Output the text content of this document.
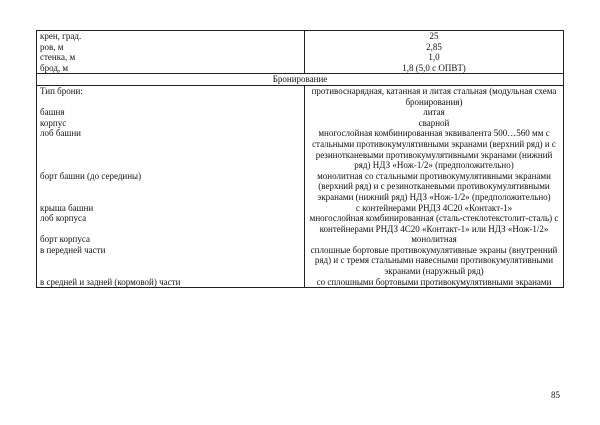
крен, град.	25
ров, м	2,85
стенка, м	1,0
брод, м	1,8 (5,0 с ОПВТ)
Бронирование	
Тип брони:	противоснарядная, катанная и литая стальная (модульная схема бронирования)
башня	литая
корпус	сварной
лоб башни	многослойная комбинированная эквивалента 500…560 мм с стальными противокумулятивными экранами (верхний ряд) и с резинотканевыми противокумулятивными экранами (нижний ряд) НДЗ «Нож-1/2» (предположительно)
борт башни (до середины)	монолитная со стальными противокумулятивными экранами (верхний ряд) и с резинотканевыми противокумулятивными экранами (нижний ряд) НДЗ «Нож-1/2» (предположительно)
крыша башни	с контейнерами РНДЗ 4С20 «Контакт-1»
лоб корпуса	многослойная комбинированная (сталь-стеклотекстолит-сталь) с контейнерами РНДЗ 4С20 «Контакт-1» или НДЗ «Нож-1/2»
борт корпуса	монолитная
в передней части	сплошные бортовые противокумулятивные экраны (внутренний ряд) и с тремя стальными навесными противокумулятивными экранами (наружный ряд)
в средней и задней (кормовой) части	со сплошными бортовыми противокумулятивными экранами
85
